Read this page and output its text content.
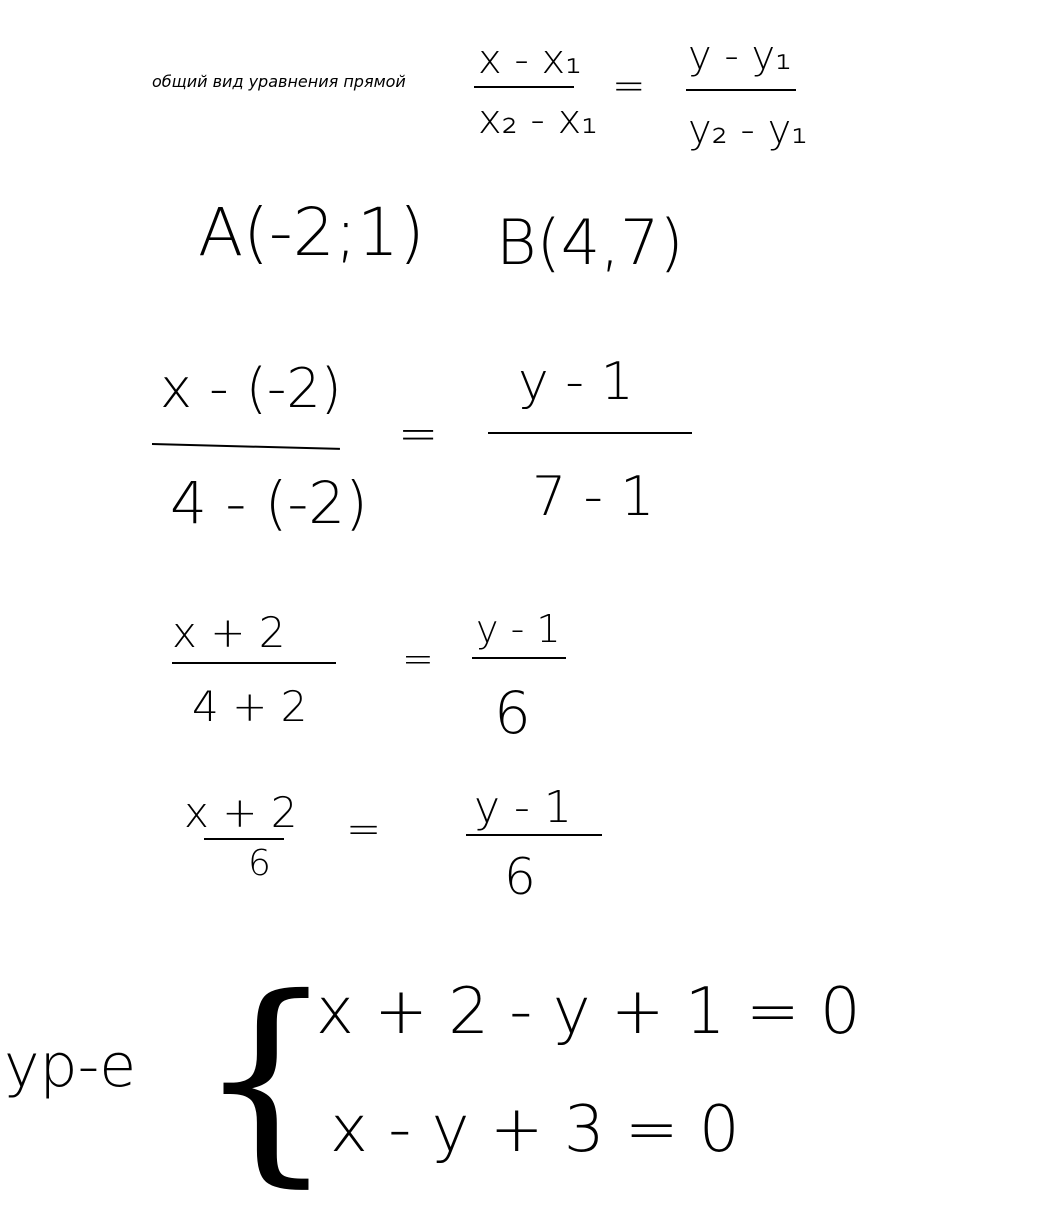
общий вид уравнения прямой x - x₁
x₂ - x₁
=
y - y₁
y₂ - y₁
A(-2;1) B(4,7)
x - (-2)
4 - (-2)
=
y - 1
7 - 1
x + 2
4 + 2
=
y - 1
6
x + 2
6
= y - 1
6
ур-е {
x + 2 - y + 1 = 0
x - y + 3 = 0
